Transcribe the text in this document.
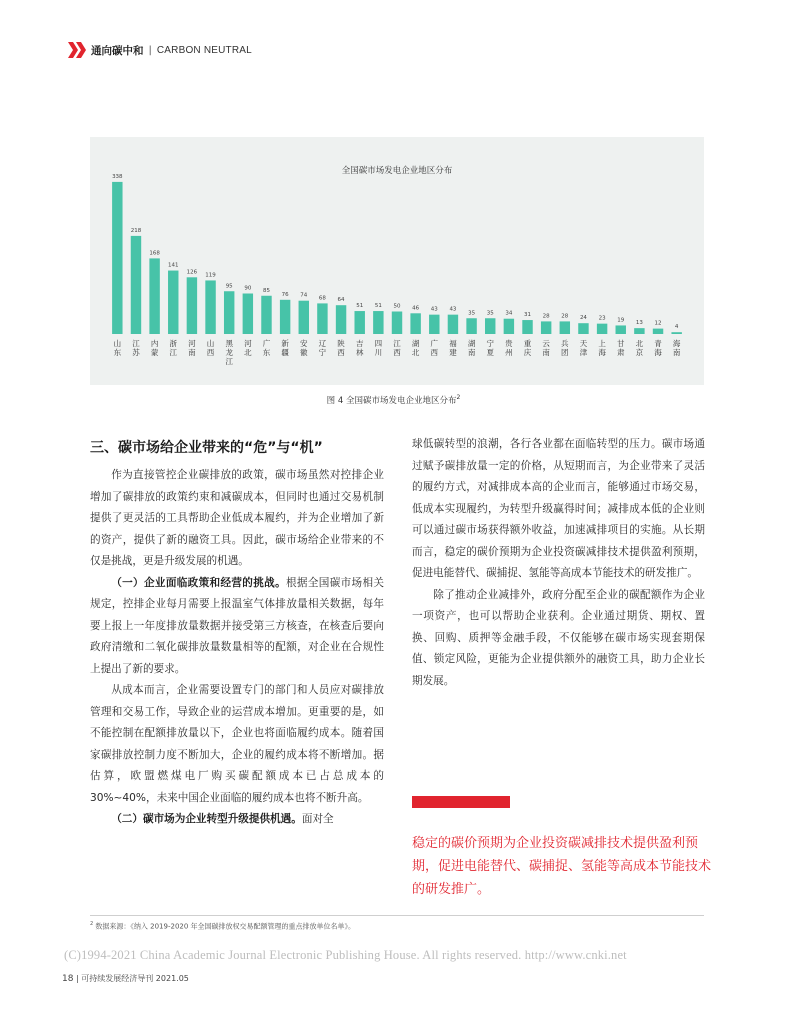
通向碳中和 | CARBON NEUTRAL
全国碳市场发电企业地区分布
338
山东
218
江苏
168
内蒙
141
浙江
126
河南
119
山西
95
黑龙江
90
河北
85
广东
76
新疆
74
安徽
68
辽宁
64
陕西
51
吉林
51
四川
50
江西
46
湖北
43
广西
43
福建
35
湖南
35
宁夏
34
贵州
31
重庆
28
云南
28
兵团
24
天津
23
上海
19
甘肃
13
北京
12
青海
4
海南
图 4 全国碳市场发电企业地区分布$^2$
三、碳市场给企业带来的“危”与“机”

作为直接管控企业碳排放的政策，碳市场虽然对控排企业增加了碳排放的政策约束和减碳成本，但同时也通过交易机制提供了更灵活的工具帮助企业低成本履约，并为企业增加了新的资产，提供了新的融资工具。因此，碳市场给企业带来的不仅是挑战，更是升级发展的机遇。

（一）企业面临政策和经营的挑战。根据全国碳市场相关规定，控排企业每月需要上报温室气体排放量相关数据，每年要上报上一年度排放量数据并接受第三方核查，在核查后要向政府清缴和二氧化碳排放量数量相等的配额，对企业在合规性上提出了新的要求。

从成本而言，企业需要设置专门的部门和人员应对碳排放管理和交易工作，导致企业的运营成本增加。更重要的是，如不能控制在配额排放量以下，企业也将面临履约成本。随着国家碳排放控制力度不断加大，企业的履约成本将不断增加。据估算，欧盟燃煤电厂购买碳配额成本已占总成本的 30%~40%，未来中国企业面临的履约成本也将不断升高。

（二）碳市场为企业转型升级提供机遇。面对全

球低碳转型的浪潮，各行各业都在面临转型的压力。碳市场通过赋予碳排放量一定的价格，从短期而言，为企业带来了灵活的履约方式，对减排成本高的企业而言，能够通过市场交易，低成本实现履约，为转型升级赢得时间；减排成本低的企业则可以通过碳市场获得额外收益，加速减排项目的实施。从长期而言，稳定的碳价预期为企业投资碳减排技术提供盈利预期，促进电能替代、碳捕捉、氢能等高成本节能技术的研发推广。

除了推动企业减排外，政府分配至企业的碳配额作为企业一项资产，也可以帮助企业获利。企业通过期货、期权、置换、回购、质押等金融手段，不仅能够在碳市场实现套期保值、锁定风险，更能为企业提供额外的融资工具，助力企业长期发展。

稳定的碳价预期为企业投资碳减排技术提供盈利预期，促进电能替代、碳捕捉、氢能等高成本节能技术的研发推广。
$^2$ 数据来源：《纳入 2019-2020 年全国碳排放权交易配额管理的重点排放单位名单》。
(C)1994-2021 China Academic Journal Electronic Publishing House. All rights reserved. http://www.cnki.net
18 | 可持续发展经济导刊 2021.05
